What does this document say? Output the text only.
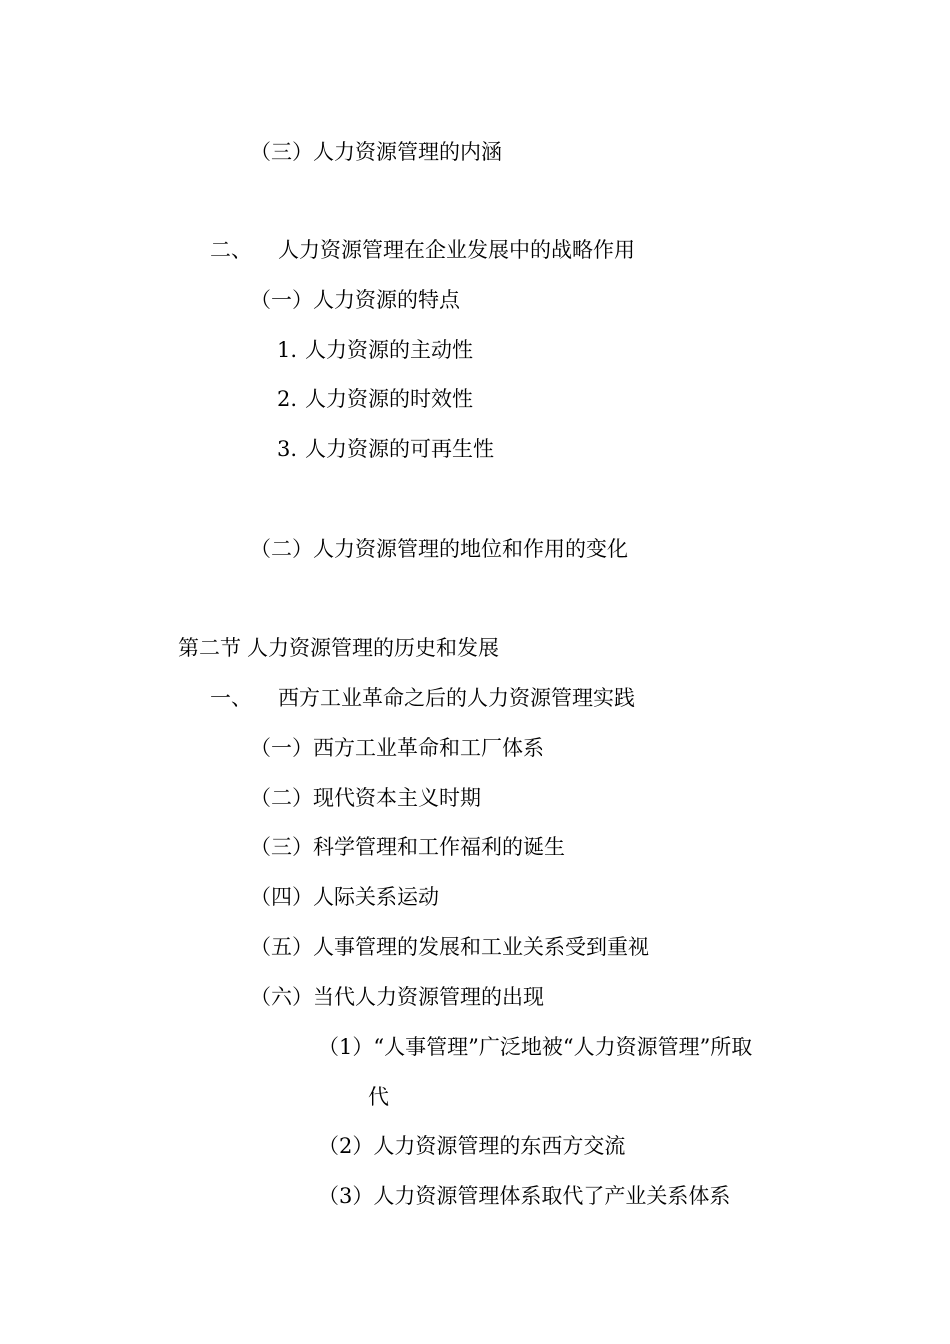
（三）人力资源管理的内涵
二、 人力资源管理在企业发展中的战略作用
（一）人力资源的特点
1. 人力资源的主动性
2. 人力资源的时效性
3. 人力资源的可再生性
（二）人力资源管理的地位和作用的变化
第二节 人力资源管理的历史和发展
一、 西方工业革命之后的人力资源管理实践
（一）西方工业革命和工厂体系
（二）现代资本主义时期
（三）科学管理和工作福利的诞生
（四）人际关系运动
（五）人事管理的发展和工业关系受到重视
（六）当代人力资源管理的出现
（1）“人事管理”广泛地被“人力资源管理”所取
代
（2）人力资源管理的东西方交流
（3）人力资源管理体系取代了产业关系体系
